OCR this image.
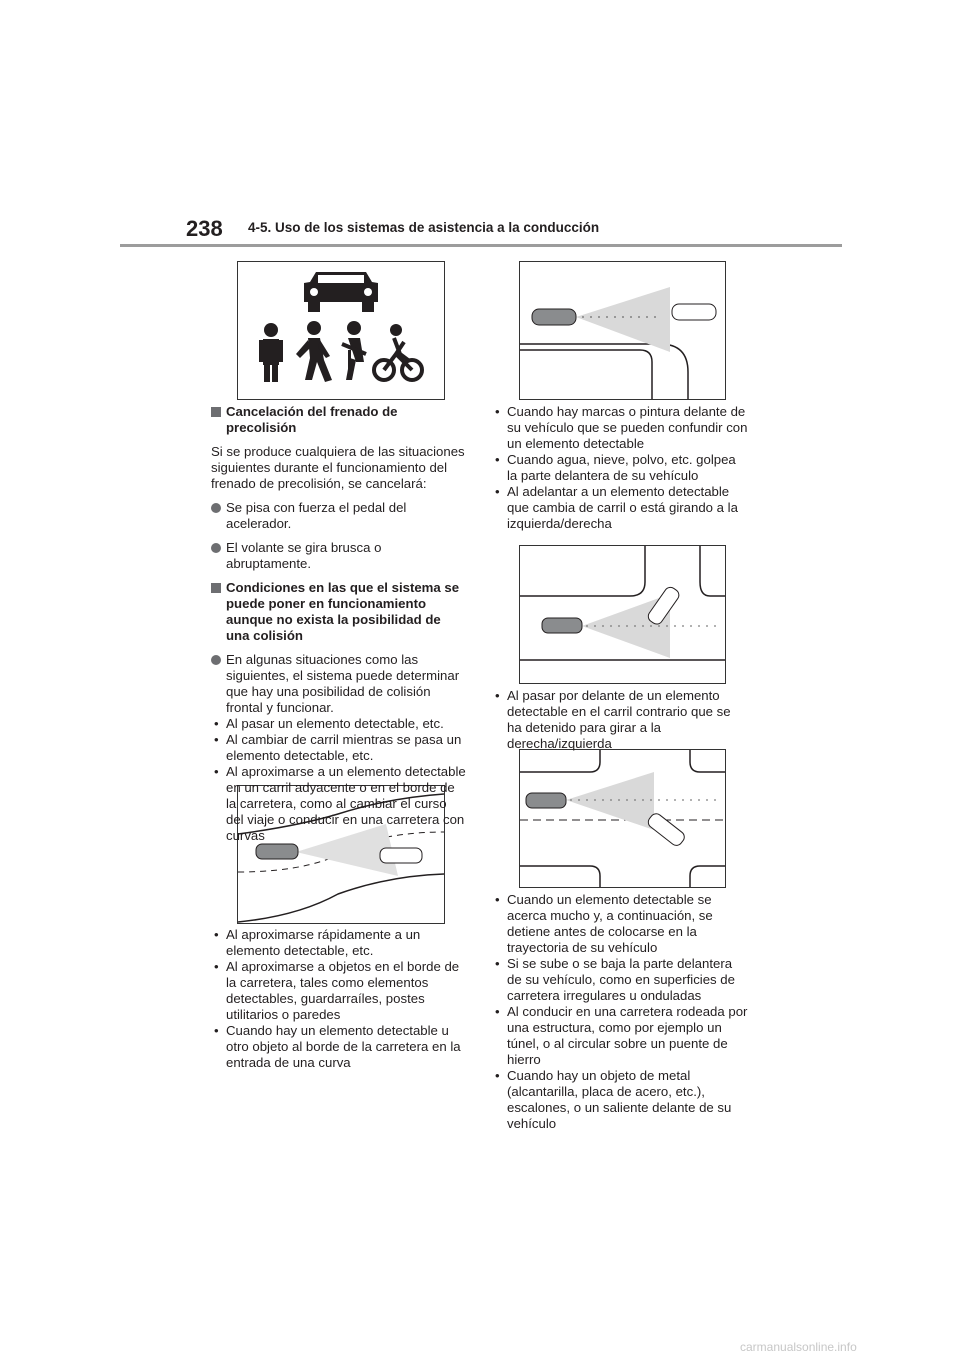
238 4-5. Uso de los sistemas de asistencia a la conducción
Cancelación del frenado de precolisión

Si se produce cualquiera de las situaciones siguientes durante el funcionamiento del frenado de precolisión, se cancelará:

Se pisa con fuerza el pedal del acelerador.
El volante se gira brusca o abruptamente.
Condiciones en las que el sistema se puede poner en funcionamiento aunque no exista la posibilidad de una colisión
En algunas situaciones como las siguientes, el sistema puede determinar que hay una posibilidad de colisión frontal y funcionar.
• Al pasar un elemento detectable, etc.
• Al cambiar de carril mientras se pasa un elemento detectable, etc.
• Al aproximarse a un elemento detectable en un carril adyacente o en el borde de la carretera, como al cambiar el curso del viaje o conducir en una carretera con curvas
• Al aproximarse rápidamente a un elemento detectable, etc.
• Al aproximarse a objetos en el borde de la carretera, tales como elementos detectables, guardarraíles, postes utilitarios o paredes
• Cuando hay un elemento detectable u otro objeto al borde de la carretera en la entrada de una curva
• Cuando hay marcas o pintura delante de su vehículo que se pueden confundir con un elemento detectable
• Cuando agua, nieve, polvo, etc. golpea la parte delantera de su vehículo
• Al adelantar a un elemento detectable que cambia de carril o está girando a la izquierda/derecha
• Al pasar por delante de un elemento detectable en el carril contrario que se ha detenido para girar a la derecha/izquierda
• Cuando un elemento detectable se acerca mucho y, a continuación, se detiene antes de colocarse en la trayectoria de su vehículo
• Si se sube o se baja la parte delantera de su vehículo, como en superficies de carretera irregulares u onduladas
• Al conducir en una carretera rodeada por una estructura, como por ejemplo un túnel, o al circular sobre un puente de hierro
• Cuando hay un objeto de metal (alcantarilla, placa de acero, etc.), escalones, o un saliente delante de su vehículo
carmanualsonline.info
